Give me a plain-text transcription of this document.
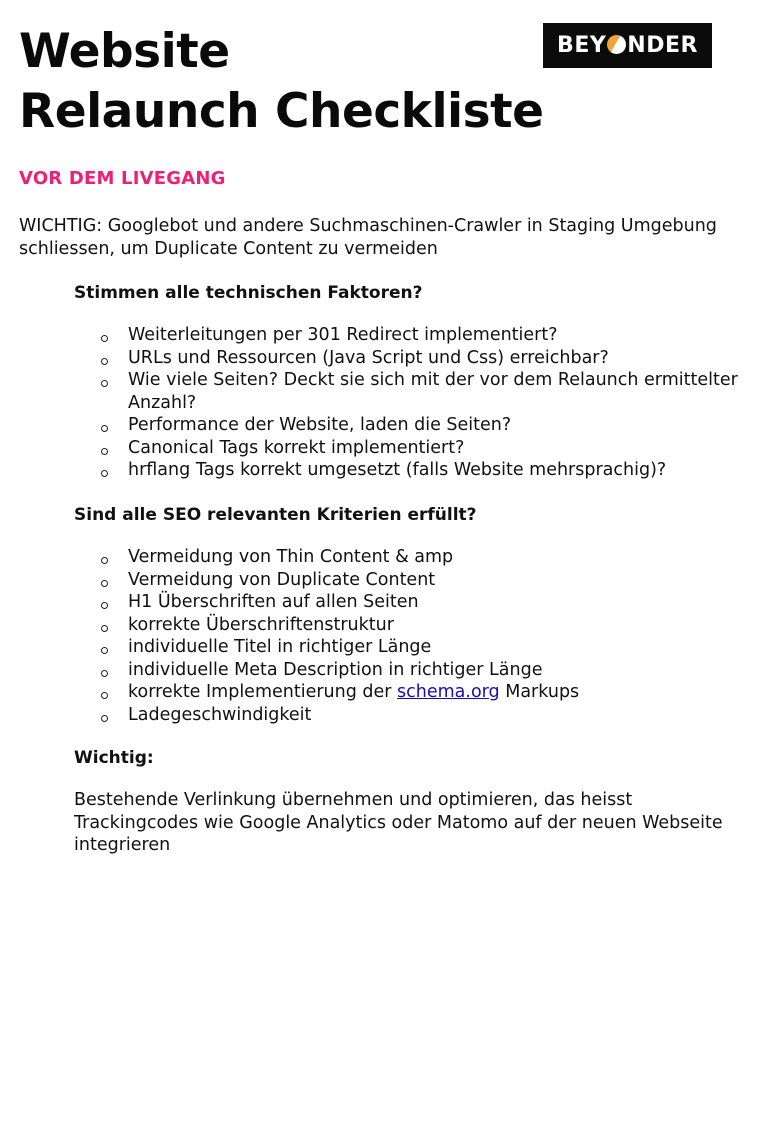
Website
Relaunch Checkliste
BEY NDER
VOR DEM LIVEGANG

WICHTIG: Googlebot und andere Suchmaschinen-Crawler in Staging Umgebung schliessen, um Duplicate Content zu vermeiden

Stimmen alle technischen Faktoren?
Weiterleitungen per 301 Redirect implementiert?
URLs und Ressourcen (Java Script und Css) erreichbar?
Wie viele Seiten? Deckt sie sich mit der vor dem Relaunch ermittelter Anzahl?
Performance der Website, laden die Seiten?
Canonical Tags korrekt implementiert?
hrflang Tags korrekt umgesetzt (falls Website mehrsprachig)?
Sind alle SEO relevanten Kriterien erfüllt?
Vermeidung von Thin Content & amp
Vermeidung von Duplicate Content
H1 Überschriften auf allen Seiten
korrekte Überschriftenstruktur
individuelle Titel in richtiger Länge
individuelle Meta Description in richtiger Länge
korrekte Implementierung der schema.org Markups
Ladegeschwindigkeit
Wichtig:

Bestehende Verlinkung übernehmen und optimieren, das heisst Trackingcodes wie Google Analytics oder Matomo auf der neuen Webseite integrieren
